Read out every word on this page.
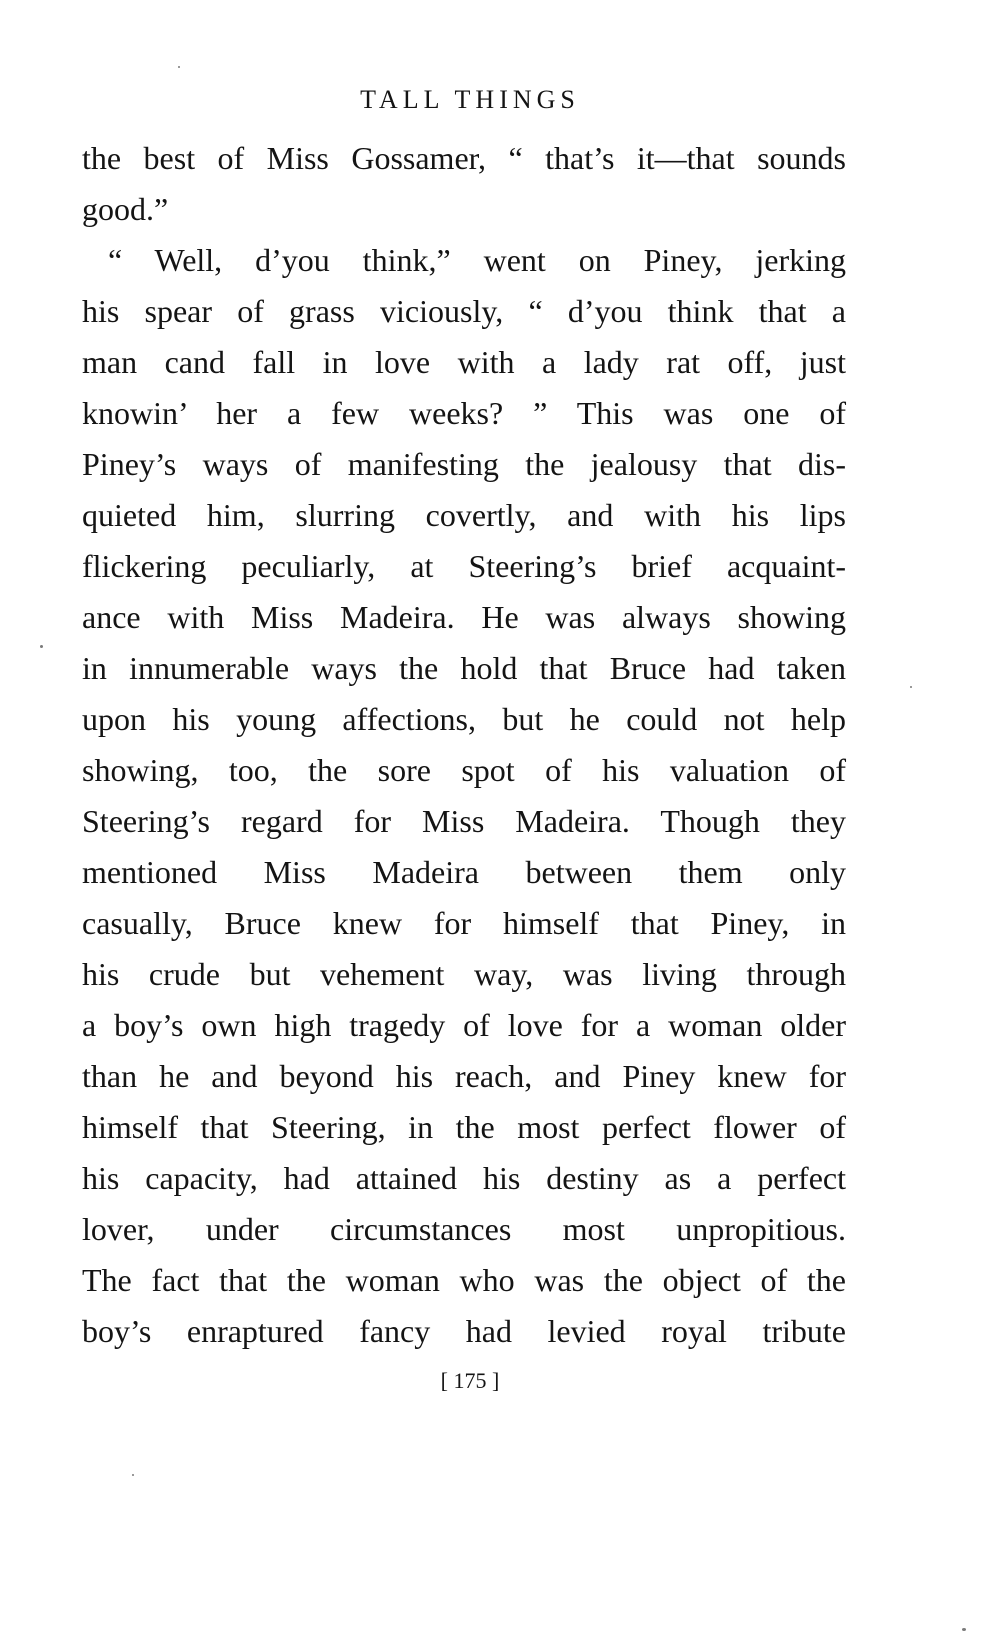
TALL THINGS
the best of Miss Gossamer, “ that’s it—that sounds
good.”
“ Well, d’you think,” went on Piney, jerking
his spear of grass viciously, “ d’you think that a
man cand fall in love with a lady rat off, just
knowin’ her a few weeks? ” This was one of
Piney’s ways of manifesting the jealousy that dis-
quieted him, slurring covertly, and with his lips
flickering peculiarly, at Steering’s brief acquaint-
ance with Miss Madeira. He was always showing
in innumerable ways the hold that Bruce had taken
upon his young affections, but he could not help
showing, too, the sore spot of his valuation of
Steering’s regard for Miss Madeira. Though they
mentioned Miss Madeira between them only
casually, Bruce knew for himself that Piney, in
his crude but vehement way, was living through
a boy’s own high tragedy of love for a woman older
than he and beyond his reach, and Piney knew for
himself that Steering, in the most perfect flower of
his capacity, had attained his destiny as a perfect
lover, under circumstances most unpropitious.
The fact that the woman who was the object of the
boy’s enraptured fancy had levied royal tribute
[ 175 ]
